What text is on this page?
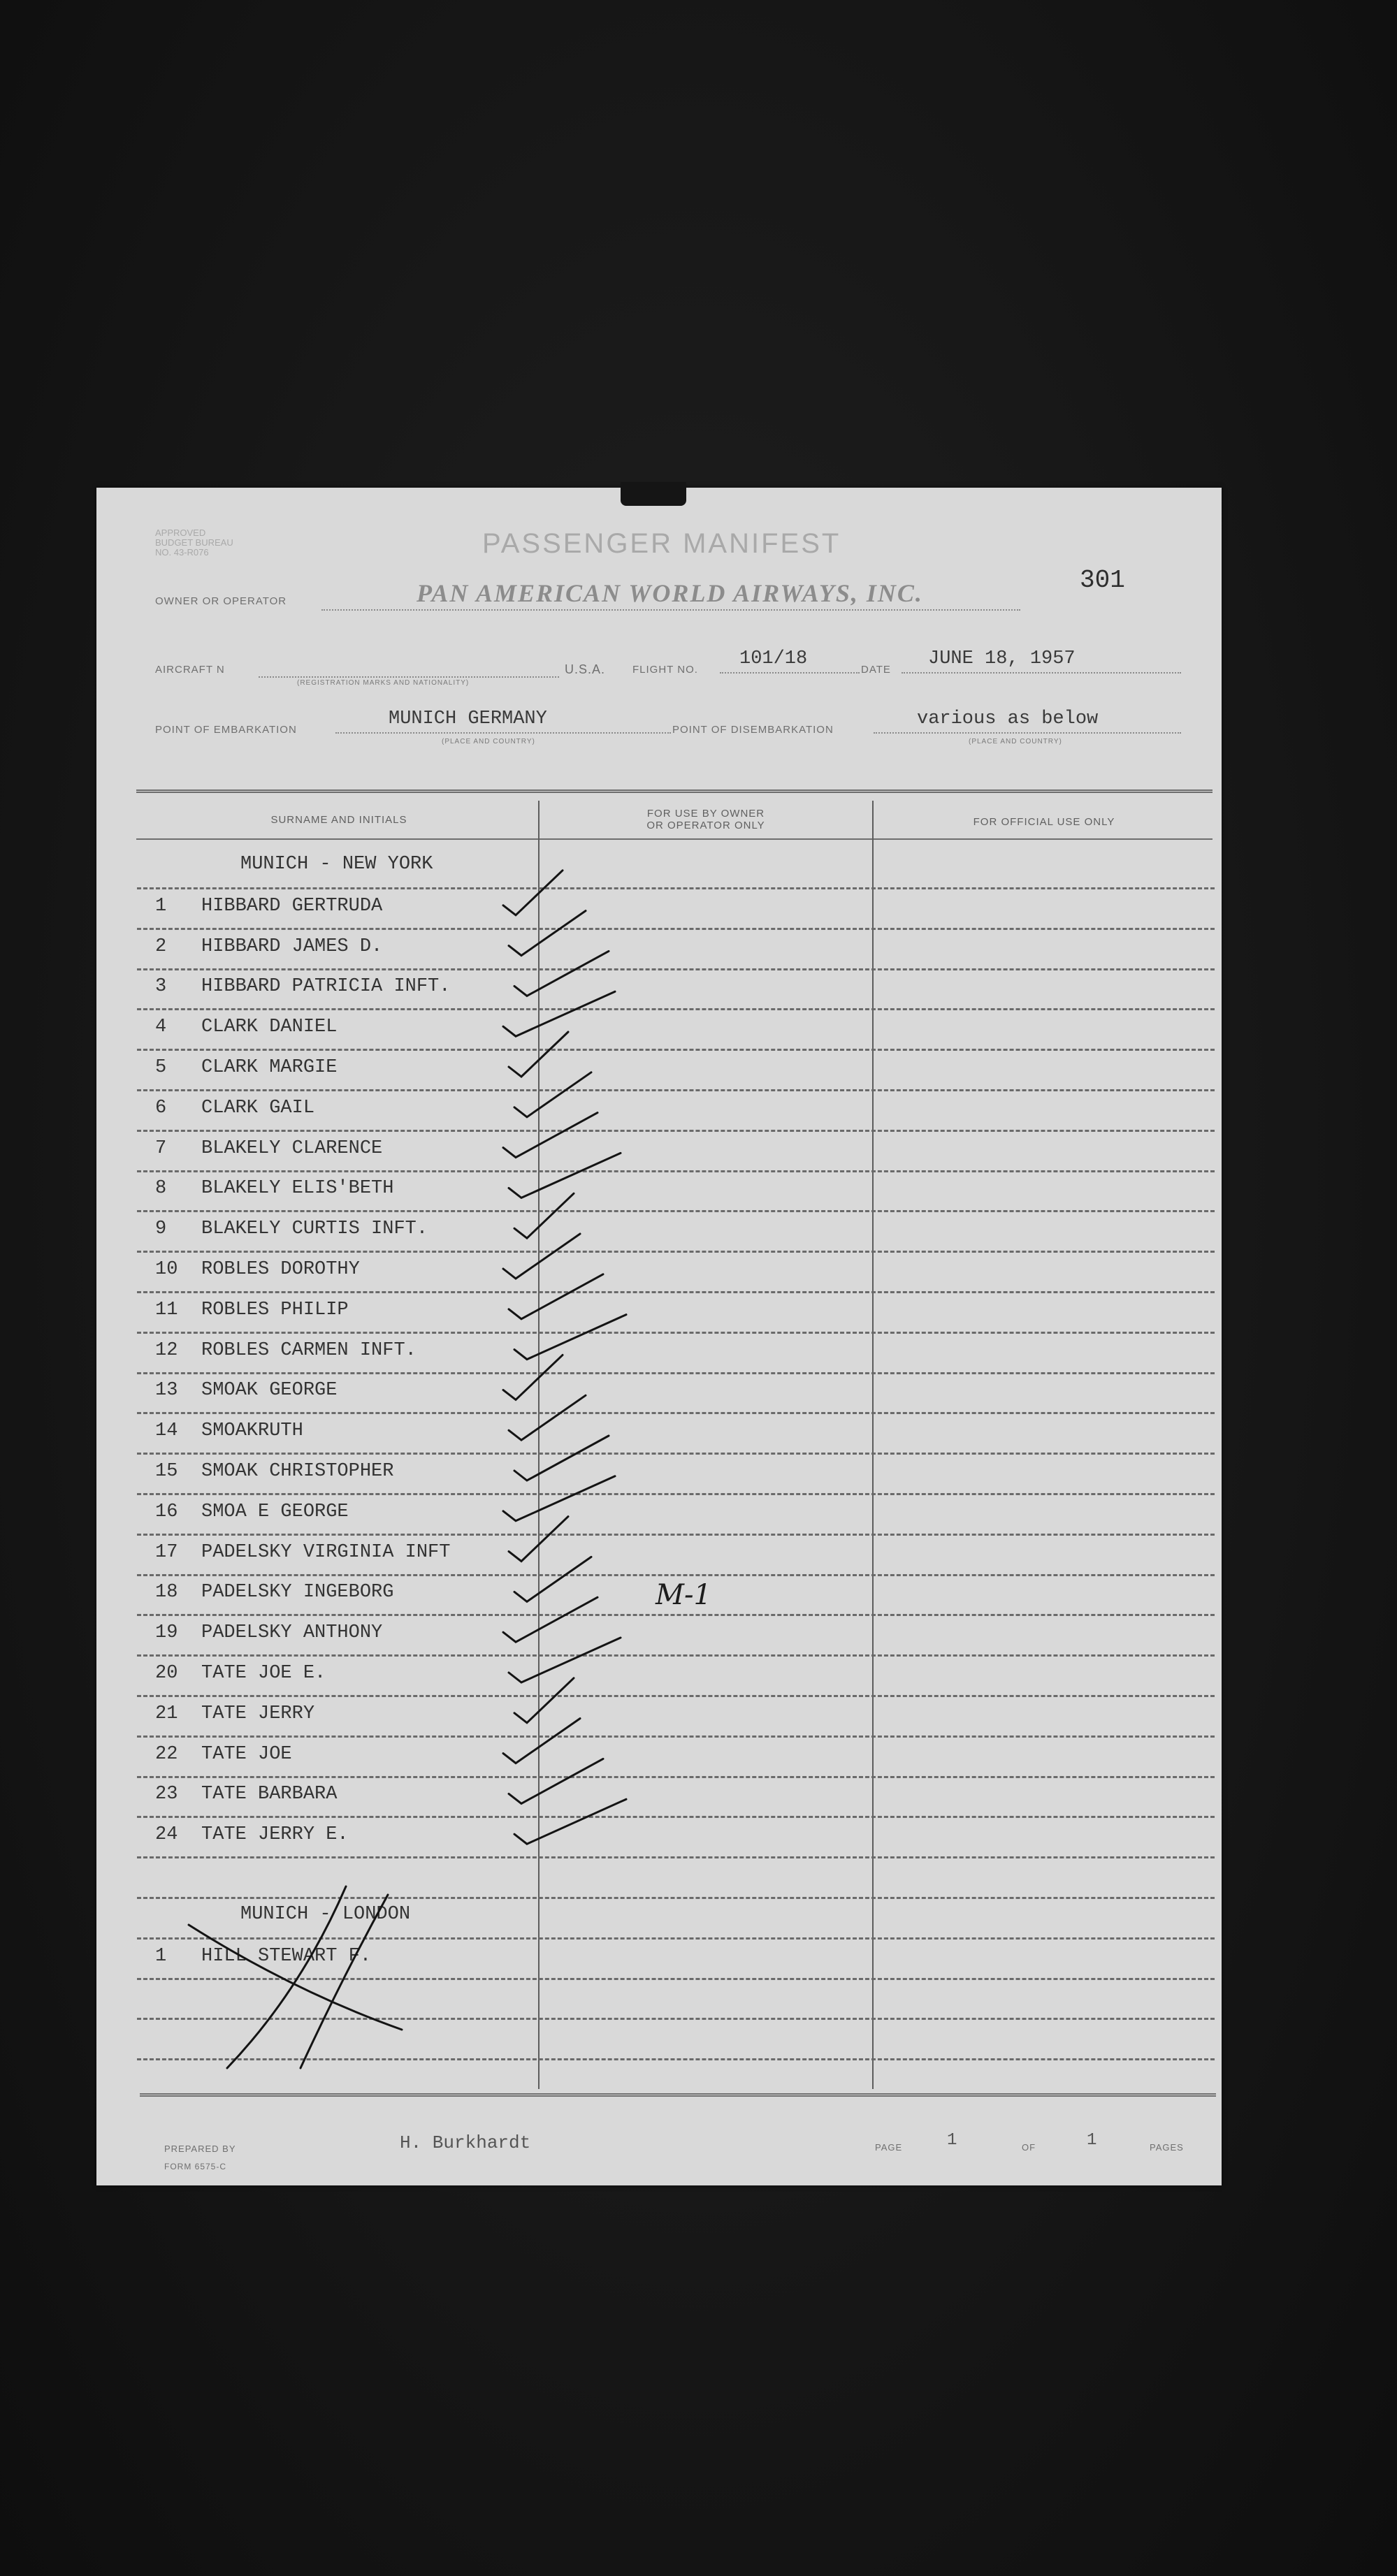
APPROVED
BUDGET BUREAU
NO. 43-R076	PASSENGER MANIFEST
301
OWNER OR OPERATOR	PAN AMERICAN WORLD AIRWAYS, INC.
AIRCRAFT N
(REGISTRATION MARKS AND NATIONALITY)
U.S.A.	FLIGHT NO.
101/18
DATE
JUNE 18, 1957
POINT OF EMBARKATION
MUNICH GERMANY
(PLACE AND COUNTRY)
POINT OF DISEMBARKATION
various as below
(PLACE AND COUNTRY)
SURNAME AND INITIALS
FOR USE BY OWNER
OR OPERATOR ONLY	FOR OFFICIAL USE ONLY
MUNICH - NEW YORK
1 HIBBARD GERTRUDA
2 HIBBARD JAMES D.
3 HIBBARD PATRICIA INFT.
4 CLARK DANIEL
5 CLARK MARGIE
6 CLARK GAIL
7 BLAKELY CLARENCE
8 BLAKELY ELIS'BETH
9 BLAKELY CURTIS INFT.
10 ROBLES DOROTHY
11 ROBLES PHILIP
12 ROBLES CARMEN INFT.
13 SMOAK GEORGE
14 SMOAKRUTH
15 SMOAK CHRISTOPHER
16 SMOA E GEORGE
17 PADELSKY VIRGINIA INFT
18 PADELSKY INGEBORG
19 PADELSKY ANTHONY
20 TATE JOE E.
21 TATE JERRY
22 TATE JOE
23 TATE BARBARA
24 TATE JERRY E.
MUNICH - LONDON
1 HILL STEWART F.
PREPARED BY	H. Burkhardt
FORM 6575-C
PAGE	1	OF	1	PAGES
M-1
